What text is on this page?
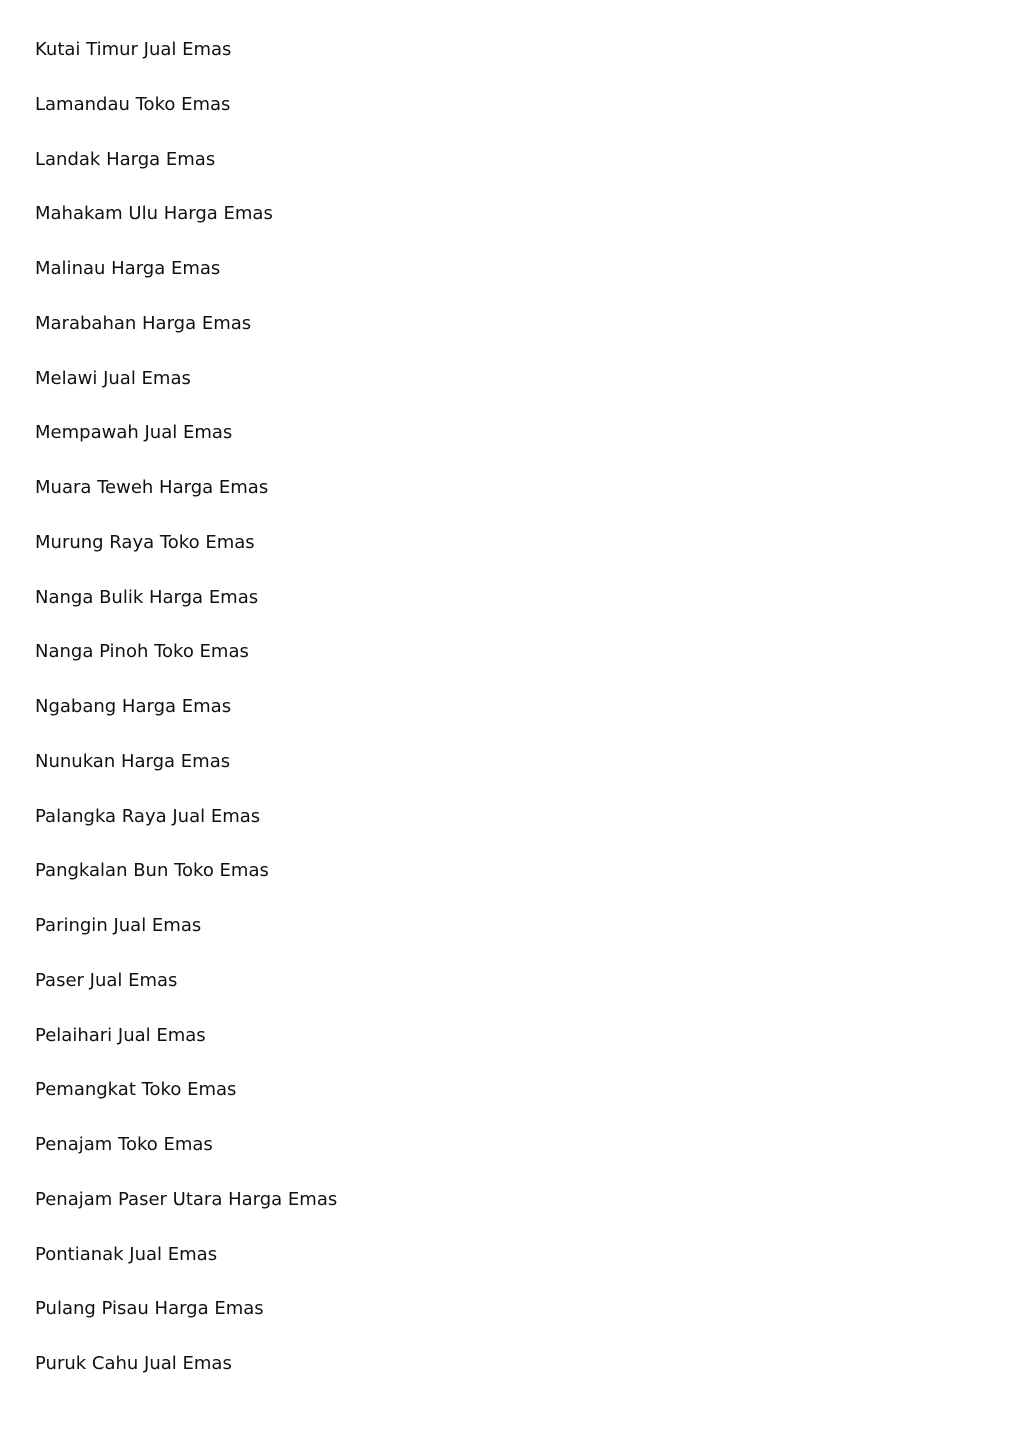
Kutai Timur Jual Emas
Lamandau Toko Emas
Landak Harga Emas
Mahakam Ulu Harga Emas
Malinau Harga Emas
Marabahan Harga Emas
Melawi Jual Emas
Mempawah Jual Emas
Muara Teweh Harga Emas
Murung Raya Toko Emas
Nanga Bulik Harga Emas
Nanga Pinoh Toko Emas
Ngabang Harga Emas
Nunukan Harga Emas
Palangka Raya Jual Emas
Pangkalan Bun Toko Emas
Paringin Jual Emas
Paser Jual Emas
Pelaihari Jual Emas
Pemangkat Toko Emas
Penajam Toko Emas
Penajam Paser Utara Harga Emas
Pontianak Jual Emas
Pulang Pisau Harga Emas
Puruk Cahu Jual Emas
